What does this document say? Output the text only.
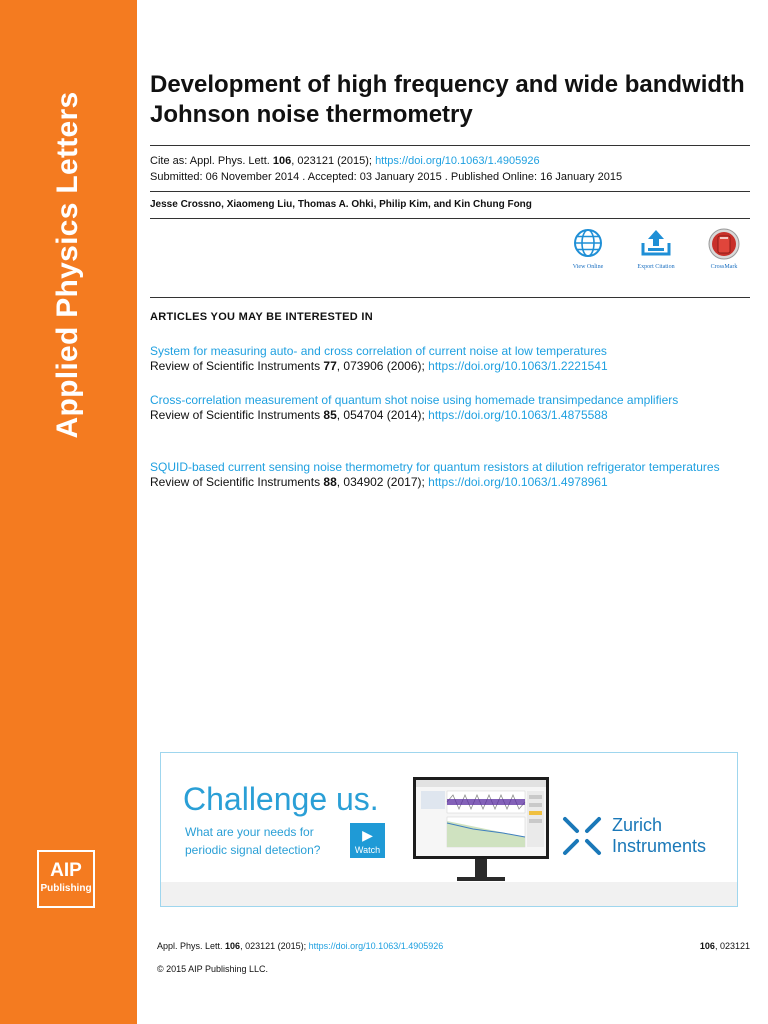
Applied Physics Letters
AIP
Publishing
Development of high frequency and wide bandwidth Johnson noise thermometry
Cite as: Appl. Phys. Lett. 106, 023121 (2015); https://doi.org/10.1063/1.4905926
Submitted: 06 November 2014 . Accepted: 03 January 2015 . Published Online: 16 January 2015
Jesse Crossno, Xiaomeng Liu, Thomas A. Ohki, Philip Kim, and Kin Chung Fong
View Online	Export Citation	CrossMark
ARTICLES YOU MAY BE INTERESTED IN
System for measuring auto- and cross correlation of current noise at low temperatures
Review of Scientific Instruments 77, 073906 (2006); https://doi.org/10.1063/1.2221541
Cross-correlation measurement of quantum shot noise using homemade transimpedance amplifiers
Review of Scientific Instruments 85, 054704 (2014); https://doi.org/10.1063/1.4875588
SQUID-based current sensing noise thermometry for quantum resistors at dilution refrigerator temperatures
Review of Scientific Instruments 88, 034902 (2017); https://doi.org/10.1063/1.4978961
Challenge us.
What are your needs for periodic signal detection?
▶
Watch
Zurich
Instruments
Appl. Phys. Lett. 106, 023121 (2015); https://doi.org/10.1063/1.4905926	106, 023121
© 2015 AIP Publishing LLC.
